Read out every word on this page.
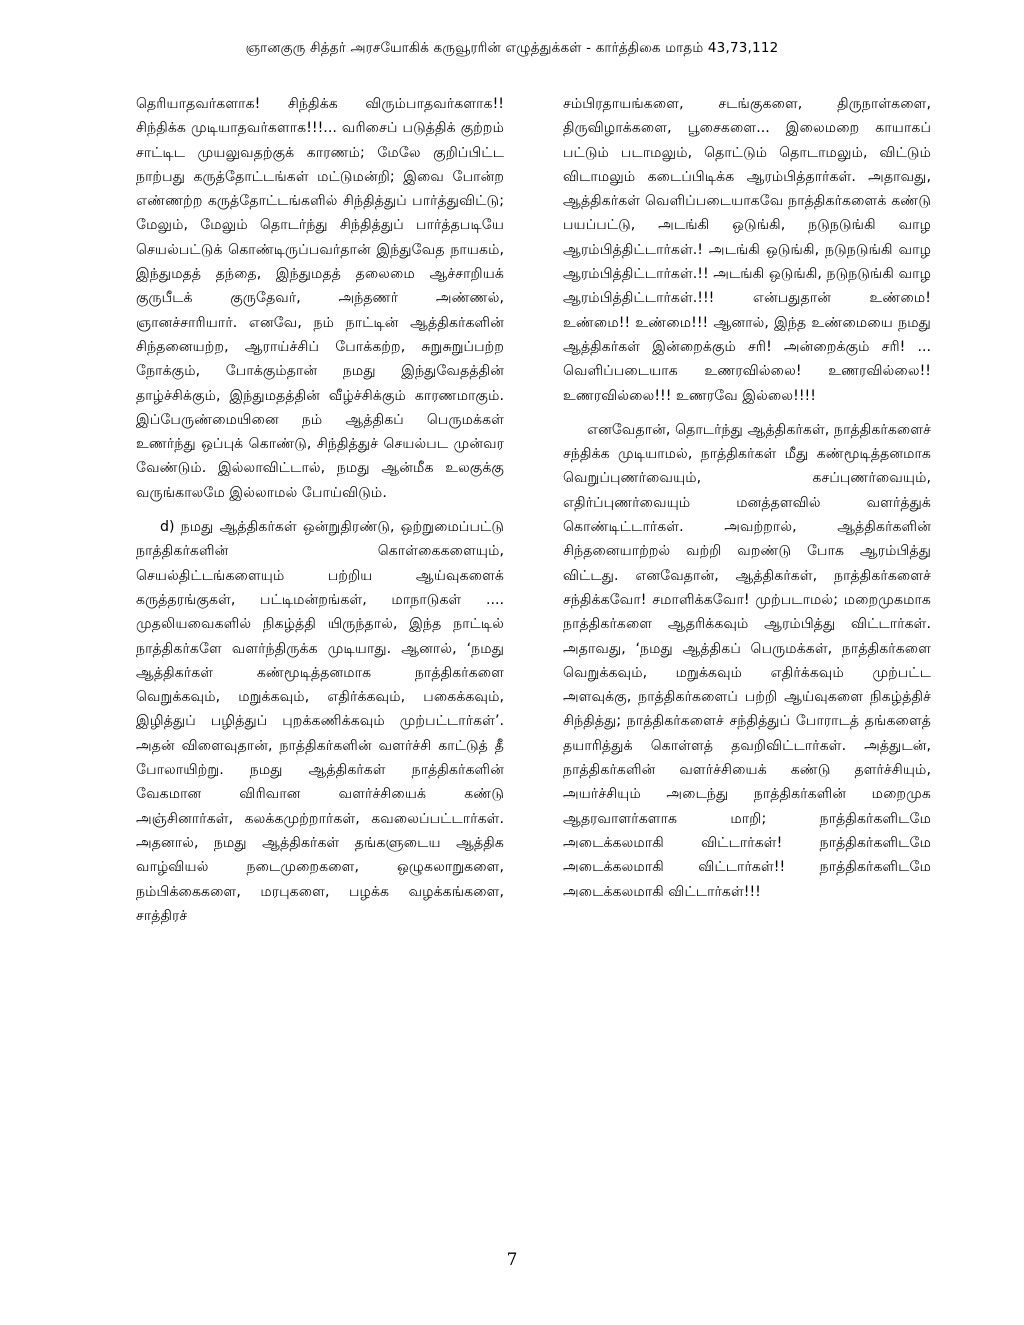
ஞானகுரு சித்தர் அரசயோகிக் கருவூரரின் எழுத்துக்கள் - கார்த்திகை மாதம் 43,73,112

தெரியாதவர்களாக! சிந்திக்க விரும்பாதவர்களாக!! சிந்திக்க முடியாதவர்களாக!!!... வரிசைப் படுத்திக் குற்றம் சாட்டிட முயலுவதற்குக் காரணம்; மேலே குறிப்பிட்ட நாற்பது கருத்தோட்டங்கள் மட்டுமன்றி; இவை போன்ற எண்ணற்ற கருத்தோட்டங்களில் சிந்தித்துப் பார்த்துவிட்டு; மேலும், மேலும் தொடர்ந்து சிந்தித்துப் பார்த்தபடியே செயல்பட்டுக் கொண்டிருப்பவர்தான் இந்துவேத நாயகம், இந்துமதத் தந்தை, இந்துமதத் தலைமை ஆச்சாறியக் குருபீடக் குருதேவர், அந்தணர் அண்ணல், ஞானச்சாரியார். எனவே, நம் நாட்டின் ஆத்திகர்களின் சிந்தனையற்ற, ஆராய்ச்சிப் போக்கற்ற, சுறுசுறுப்பற்ற நோக்கும், போக்கும்தான் நமது இந்துவேதத்தின் தாழ்ச்சிக்கும், இந்துமதத்தின் வீழ்ச்சிக்கும் காரணமாகும். இப்பேருண்மையினை நம் ஆத்திகப் பெருமக்கள் உணர்ந்து ஒப்புக் கொண்டு, சிந்தித்துச் செயல்பட முன்வர வேண்டும். இல்லாவிட்டால், நமது ஆன்மீக உலகுக்கு வருங்காலமே இல்லாமல் போய்விடும்.

d) நமது ஆத்திகர்கள் ஒன்றுதிரண்டு, ஒற்றுமைப்பட்டு நாத்திகர்களின் கொள்கைகளையும், செயல்திட்டங்களையும் பற்றிய ஆய்வுகளைக் கருத்தரங்குகள், பட்டிமன்றங்கள், மாநாடுகள் .... முதலியவைகளில் நிகழ்த்தி யிருந்தால், இந்த நாட்டில் நாத்திகர்களே வளர்ந்திருக்க முடியாது. ஆனால், ‘நமது ஆத்திகர்கள் கண்மூடித்தனமாக நாத்திகர்களை வெறுக்கவும், மறுக்கவும், எதிர்க்கவும், பகைக்கவும், இழித்துப் பழித்துப் புறக்கணிக்கவும் முற்பட்டார்கள்’. அதன் விளைவுதான், நாத்திகர்களின் வளர்ச்சி காட்டுத் தீ போலாயிற்று. நமது ஆத்திகர்கள் நாத்திகர்களின் வேகமான விரிவான வளர்ச்சியைக் கண்டு அஞ்சினார்கள், கலக்கமுற்றார்கள், கவலைப்பட்டார்கள். அதனால், நமது ஆத்திகர்கள் தங்களுடைய ஆத்திக வாழ்வியல் நடைமுறைகளை, ஒழுகலாறுகளை, நம்பிக்கைகளை, மரபுகளை, பழக்க வழக்கங்களை, சாத்திரச்

சம்பிரதாயங்களை, சடங்குகளை, திருநாள்களை, திருவிழாக்களை, பூசைகளை... இலைமறை காயாகப் பட்டும் படாமலும், தொட்டும் தொடாமலும், விட்டும் விடாமலும் கடைப்பிடிக்க ஆரம்பித்தார்கள். அதாவது, ஆத்திகர்கள் வெளிப்படையாகவே நாத்திகர்களைக் கண்டு பயப்பட்டு, அடங்கி ஒடுங்கி, நடுநடுங்கி வாழ ஆரம்பித்திட்டார்கள்.! அடங்கி ஒடுங்கி, நடுநடுங்கி வாழ ஆரம்பித்திட்டார்கள்.!! அடங்கி ஒடுங்கி, நடுநடுங்கி வாழ ஆரம்பித்திட்டார்கள்.!!! என்பதுதான் உண்மை! உண்மை!! உண்மை!!! ஆனால், இந்த உண்மையை நமது ஆத்திகர்கள் இன்றைக்கும் சரி! அன்றைக்கும் சரி! ... வெளிப்படையாக உணரவில்லை! உணரவில்லை!! உணரவில்லை!!! உணரவே இல்லை!!!!

எனவேதான், தொடர்ந்து ஆத்திகர்கள், நாத்திகர்களைச் சந்திக்க முடியாமல், நாத்திகர்கள் மீது கண்மூடித்தனமாக வெறுப்புணர்வையும், கசப்புணர்வையும், எதிர்ப்புணர்வையும் மனத்தளவில் வளர்த்துக் கொண்டிட்டார்கள். அவற்றால், ஆத்திகர்களின் சிந்தனையாற்றல் வற்றி வறண்டு போக ஆரம்பித்து விட்டது. எனவேதான், ஆத்திகர்கள், நாத்திகர்களைச் சந்திக்கவோ! சமாளிக்கவோ! முற்படாமல்; மறைமுகமாக நாத்திகர்களை ஆதரிக்கவும் ஆரம்பித்து விட்டார்கள். அதாவது, ‘நமது ஆத்திகப் பெருமக்கள், நாத்திகர்களை வெறுக்கவும், மறுக்கவும் எதிர்க்கவும் முற்பட்ட அளவுக்கு, நாத்திகர்களைப் பற்றி ஆய்வுகளை நிகழ்த்திச் சிந்தித்து; நாத்திகர்களைச் சந்தித்துப் போராடத் தங்களைத் தயாரித்துக் கொள்ளத் தவறிவிட்டார்கள். அத்துடன், நாத்திகர்களின் வளர்ச்சியைக் கண்டு தளர்ச்சியும், அயர்ச்சியும் அடைந்து நாத்திகர்களின் மறைமுக ஆதரவாளர்களாக மாறி; நாத்திகர்களிடமே அடைக்கலமாகி விட்டார்கள்! நாத்திகர்களிடமே அடைக்கலமாகி விட்டார்கள்!! நாத்திகர்களிடமே அடைக்கலமாகி விட்டார்கள்!!!

7
